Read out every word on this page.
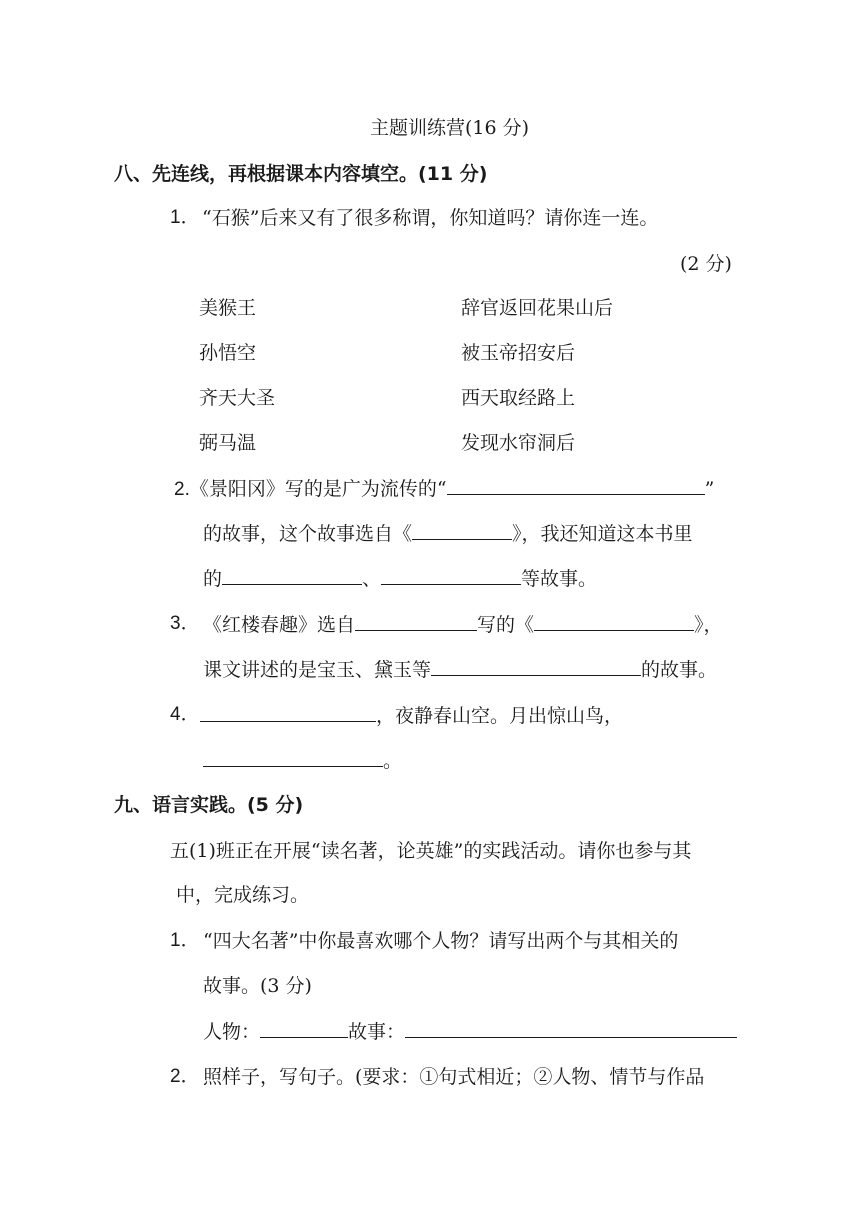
主题训练营(16 分)
八、先连线，再根据课本内容填空。(11 分)
1． “石猴”后来又有了很多称谓，你知道吗？请你连一连。
(2 分)
美猴王	辞官返回花果山后
孙悟空	被玉帝招安后
齐天大圣	西天取经路上
弼马温	发现水帘洞后
2.《景阳冈》写的是广为流传的“	”
的故事，这个故事选自《	》，我还知道这本书里
的	、	等故事。
3． 《红楼春趣》选自	写的《	》，
课文讲述的是宝玉、黛玉等	的故事。
4．	，夜静春山空。月出惊山鸟，
。
九、语言实践。(5 分)
五(1)班正在开展“读名著，论英雄”的实践活动。请你也参与其
中，完成练习。
1． “四大名著”中你最喜欢哪个人物？请写出两个与其相关的
故事。(3 分)
人物：	故事：
2． 照样子，写句子。(要求：①句式相近；②人物、情节与作品
